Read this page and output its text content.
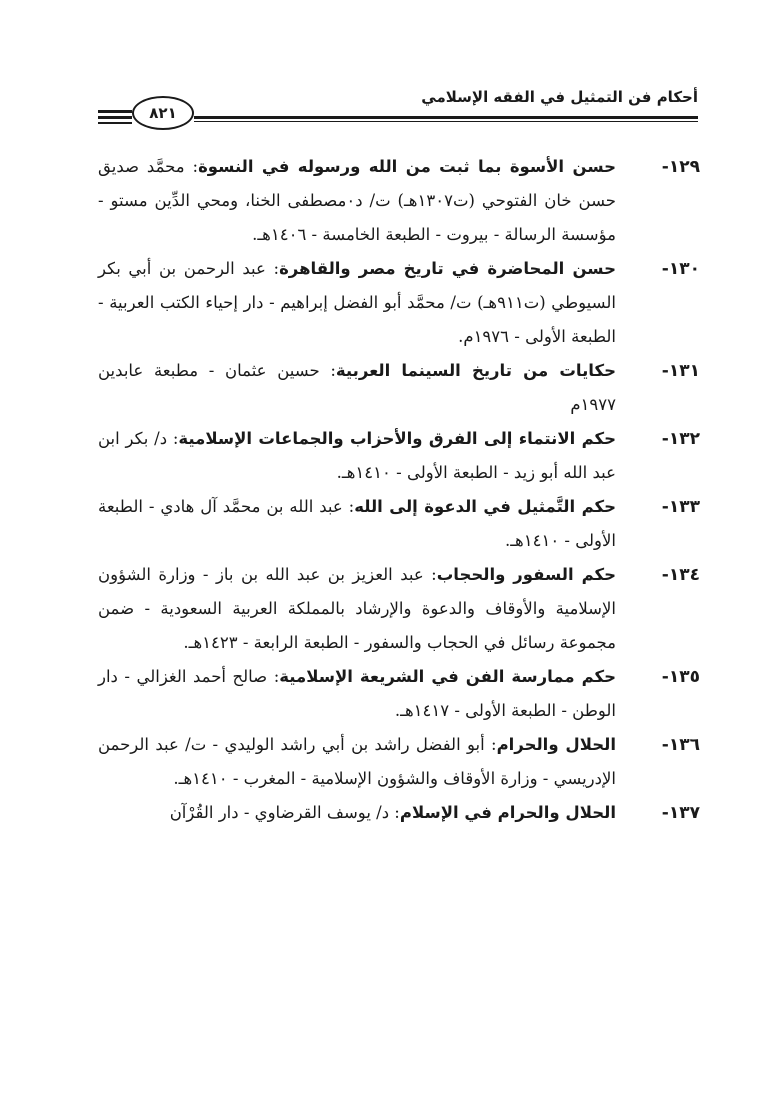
أحكام فن التمثيل في الفقه الإسلامي
٨٢١
١٢٩-
حسن الأسوة بما ثبت من الله ورسوله في النسوة: محمَّد صديق حسن خان الفتوحي (ت١٣٠٧هـ) ت/ د٠مصطفى الخنا، ومحي الدِّين مستو - مؤسسة الرسالة - بيروت - الطبعة الخامسة - ١٤٠٦هـ.
١٣٠-
حسن المحاضرة في تاريخ مصر والقاهرة: عبد الرحمن بن أبي بكر السيوطي (ت٩١١هـ) ت/ محمَّد أبو الفضل إبراهيم - دار إحياء الكتب العربية - الطبعة الأولى - ١٩٧٦م.
١٣١-
حكايات من تاريخ السينما العربية: حسين عثمان - مطبعة عابدين ١٩٧٧م
١٣٢-
حكم الانتماء إلى الفرق والأحزاب والجماعات الإسلامية: د/ بكر ابن عبد الله أبو زيد - الطبعة الأولى - ١٤١٠هـ.
١٣٣-
حكم التَّمثيل في الدعوة إلى الله: عبد الله بن محمَّد آل هادي - الطبعة الأولى - ١٤١٠هـ.
١٣٤-
حكم السفور والحجاب: عبد العزيز بن عبد الله بن باز - وزارة الشؤون الإسلامية والأوقاف والدعوة والإرشاد بالمملكة العربية السعودية - ضمن مجموعة رسائل في الحجاب والسفور - الطبعة الرابعة - ١٤٢٣هـ.
١٣٥-
حكم ممارسة الفن في الشريعة الإسلامية: صالح أحمد الغزالي - دار الوطن - الطبعة الأولى - ١٤١٧هـ.
١٣٦-
الحلال والحرام: أبو الفضل راشد بن أبي راشد الوليدي - ت/ عبد الرحمن الإدريسي - وزارة الأوقاف والشؤون الإسلامية - المغرب - ١٤١٠هـ.
١٣٧-
الحلال والحرام في الإسلام: د/ يوسف القرضاوي - دار القُرْآن
